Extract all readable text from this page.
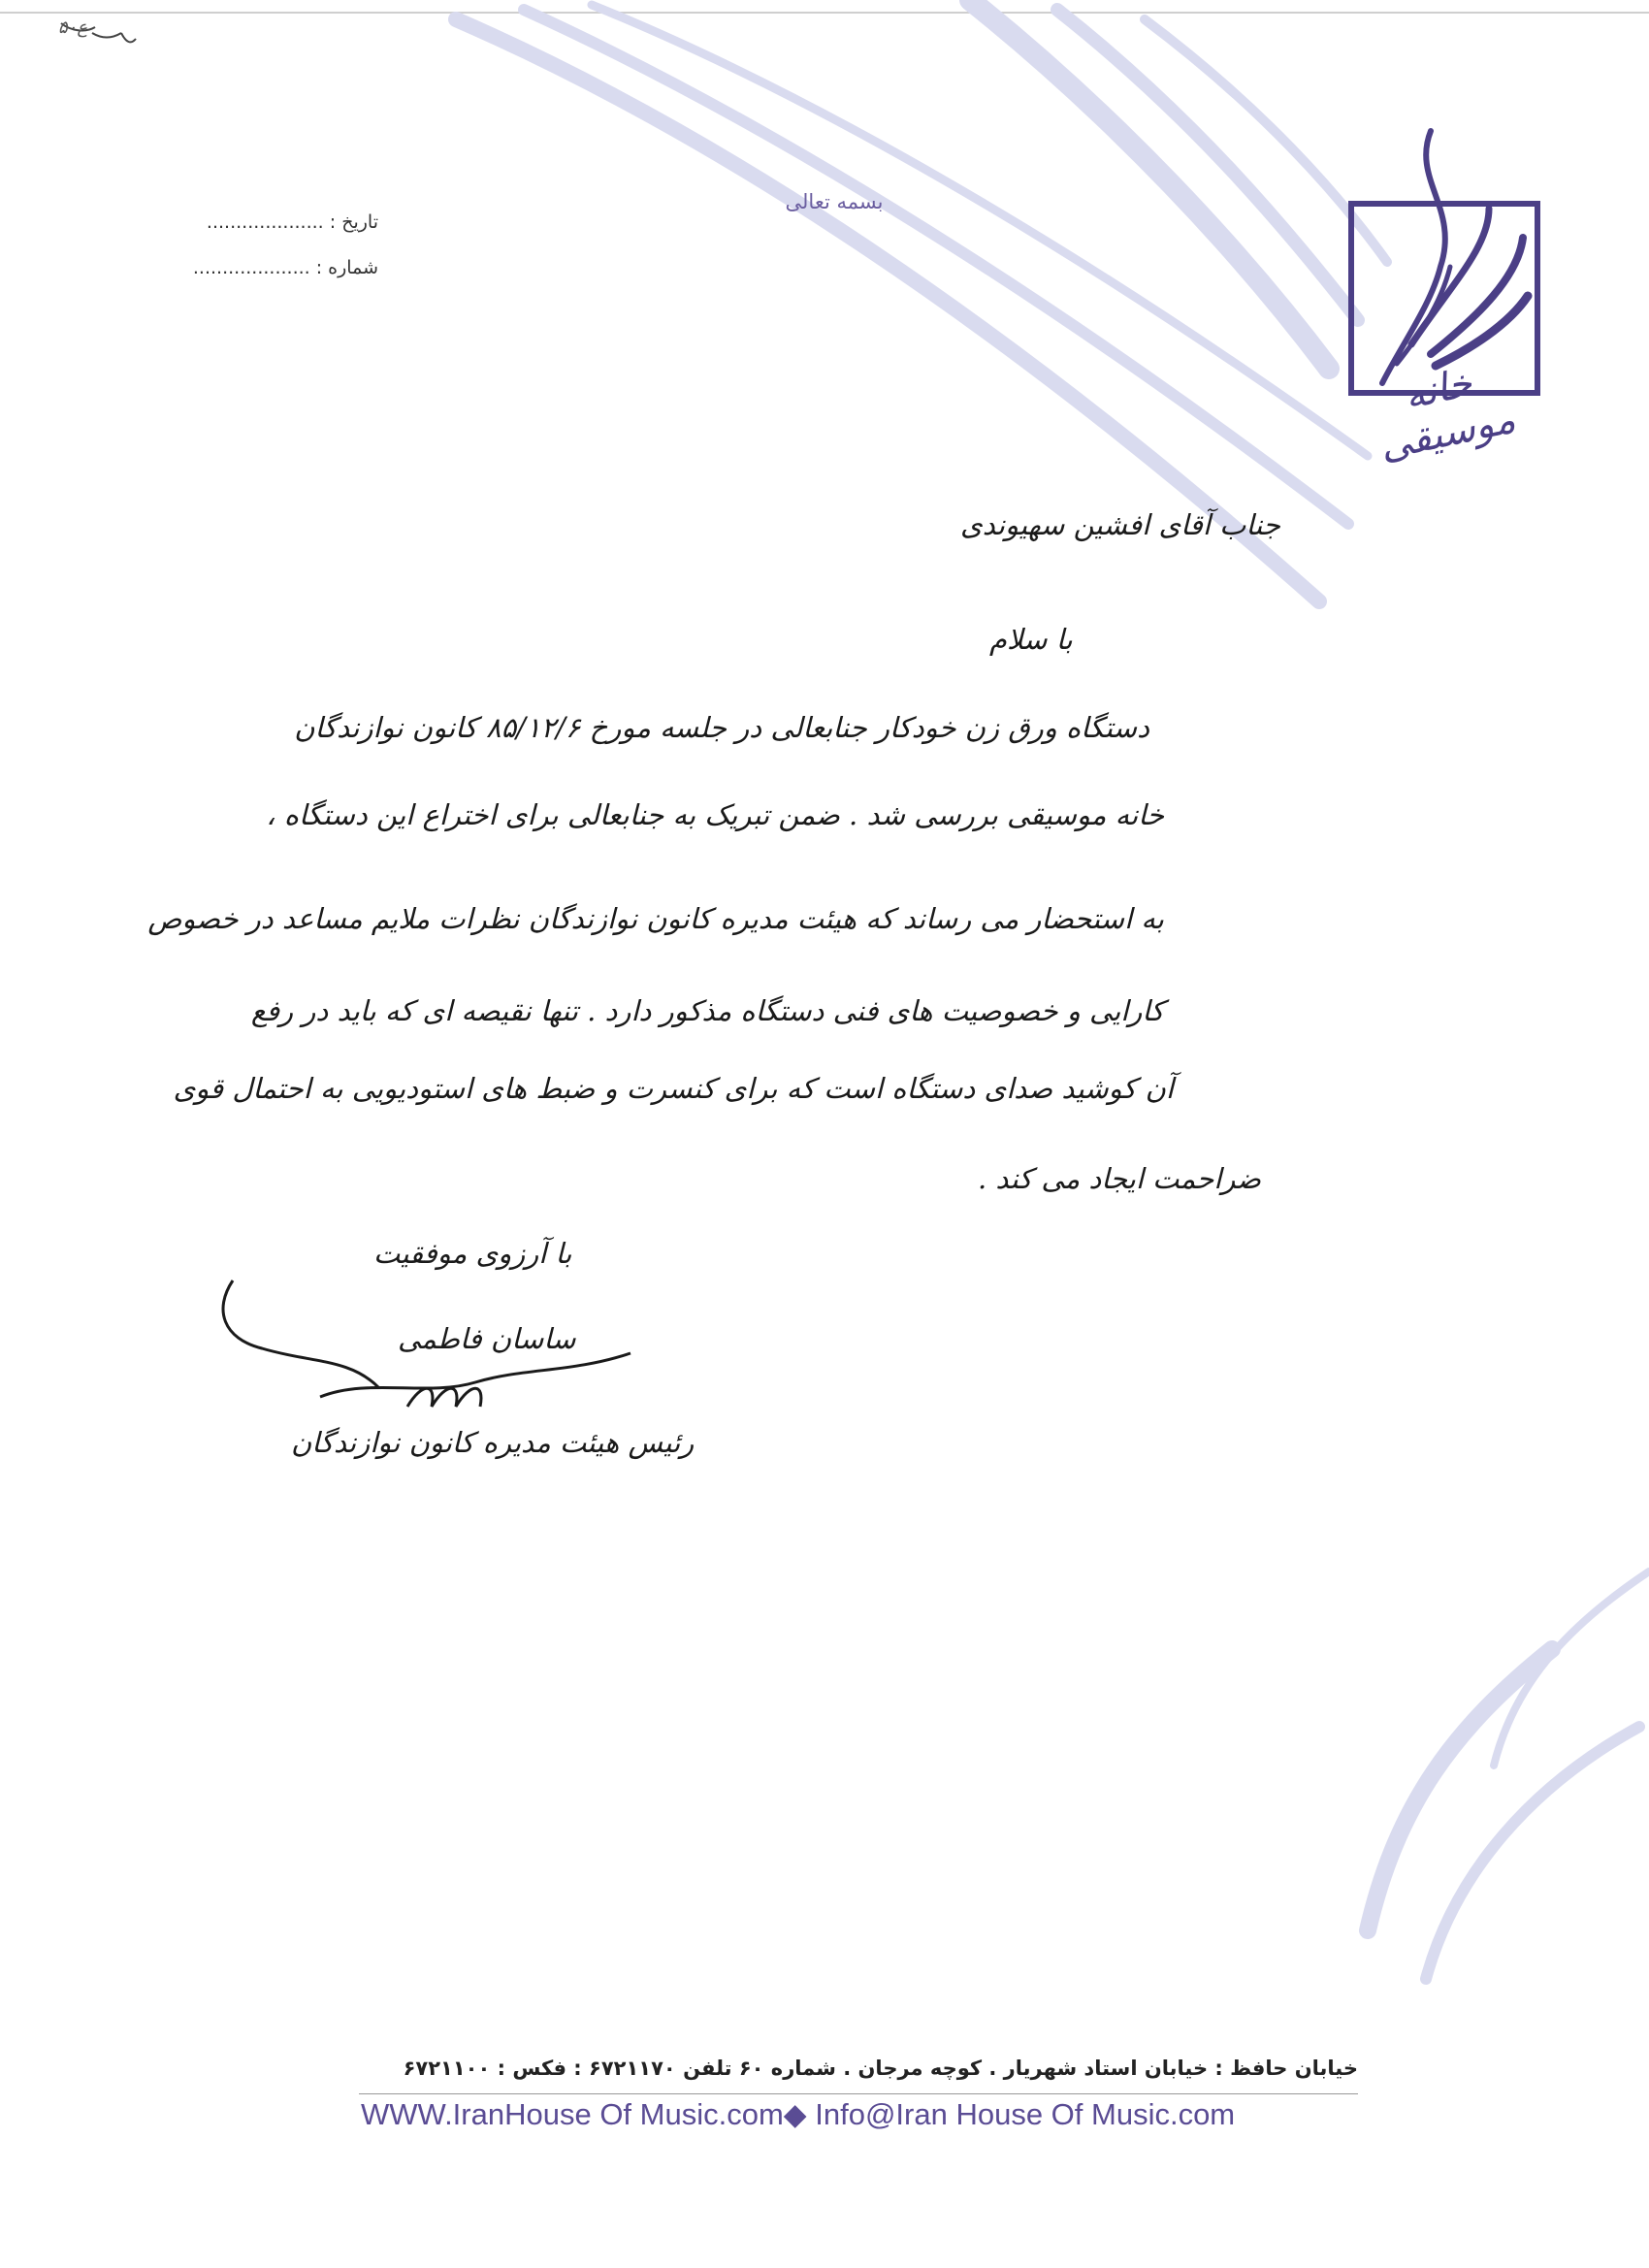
بسمه تعالی
تاریخ : ....................
شماره : ....................
خانه موسیقی
جناب آقای افشین سهیوندی
با سلام
دستگاه ورق زن خودکار جنابعالی در جلسه مورخ ۸۵/۱۲/۶ کانون نوازندگان
خانه موسیقی بررسی شد . ضمن تبریک به جنابعالی برای اختراع این دستگاه ،
به استحضار می رساند که هیئت مدیره کانون نوازندگان نظرات ملایم مساعد در خصوص
کارایی و خصوصیت های فنی دستگاه مذکور دارد . تنها نقیصه ای که باید در رفع
آن کوشید صدای دستگاه است که برای کنسرت و ضبط های استودیویی به احتمال قوی
ضراحمت ایجاد می کند .
با آرزوی موفقیت
ساسان فاطمی
رئیس هیئت مدیره کانون نوازندگان
خیابان حافظ : خیابان استاد شهریار . کوچه مرجان . شماره ۶۰ تلفن ۶۷۲۱۱۷۰ : فکس : ۶۷۲۱۱۰۰
WWW.IranHouse Of Music.com◆ Info@Iran House Of Music.com
ع۵۰
